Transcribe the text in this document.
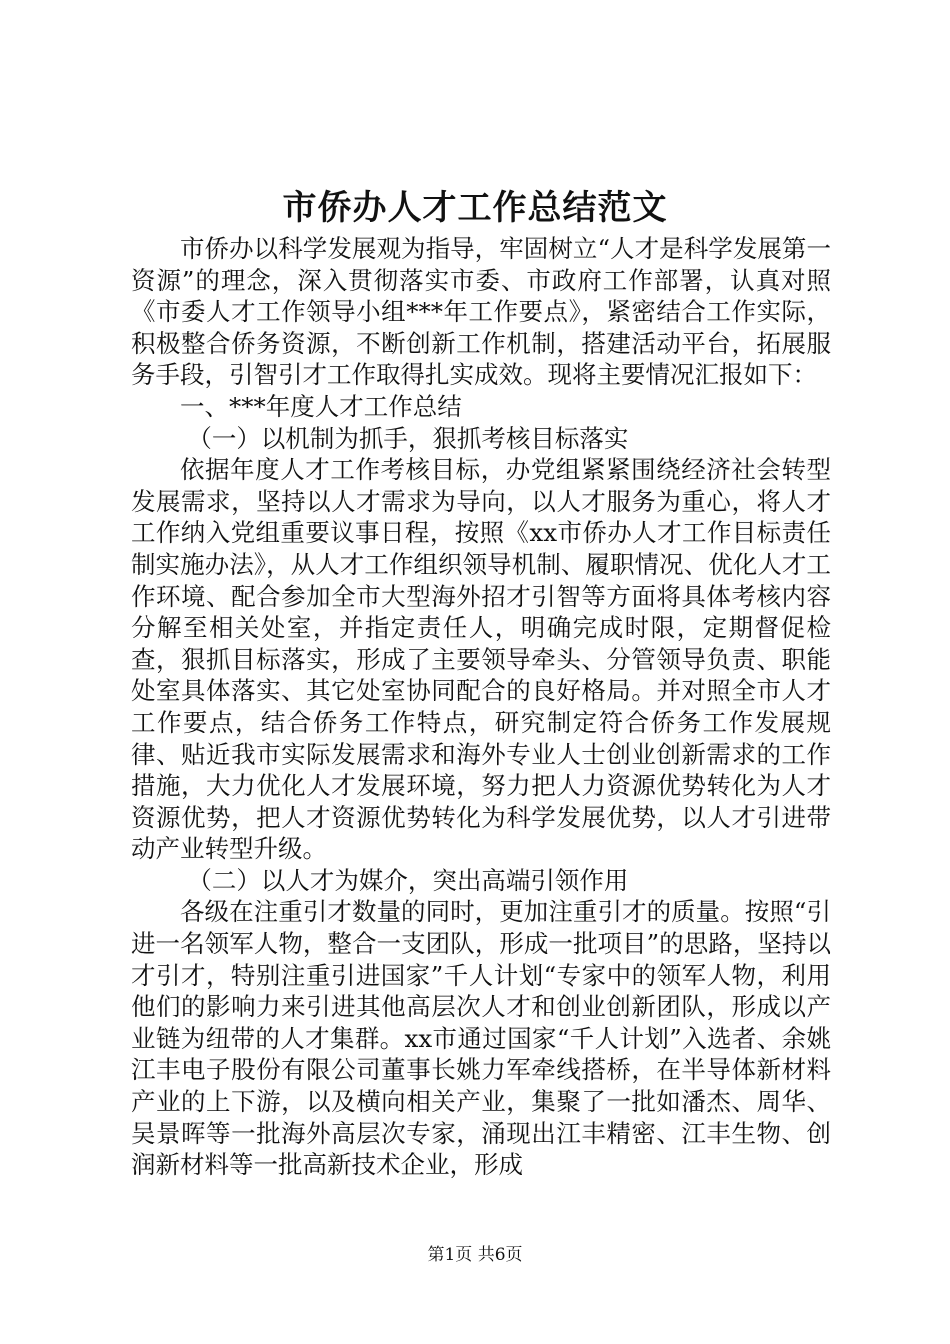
市侨办人才工作总结范文

市侨办以科学发展观为指导，牢固树立“人才是科学发展第一资源”的理念，深入贯彻落实市委、市政府工作部署，认真对照《市委人才工作领导小组***年工作要点》，紧密结合工作实际，积极整合侨务资源，不断创新工作机制，搭建活动平台，拓展服务手段，引智引才工作取得扎实成效。现将主要情况汇报如下：

一、***年度人才工作总结

（一）以机制为抓手，狠抓考核目标落实

依据年度人才工作考核目标，办党组紧紧围绕经济社会转型发展需求，坚持以人才需求为导向，以人才服务为重心，将人才工作纳入党组重要议事日程，按照《xx市侨办人才工作目标责任制实施办法》，从人才工作组织领导机制、履职情况、优化人才工作环境、配合参加全市大型海外招才引智等方面将具体考核内容分解至相关处室，并指定责任人，明确完成时限，定期督促检查，狠抓目标落实，形成了主要领导牵头、分管领导负责、职能处室具体落实、其它处室协同配合的良好格局。并对照全市人才工作要点，结合侨务工作特点，研究制定符合侨务工作发展规律、贴近我市实际发展需求和海外专业人士创业创新需求的工作措施，大力优化人才发展环境，努力把人力资源优势转化为人才资源优势，把人才资源优势转化为科学发展优势，以人才引进带动产业转型升级。

（二）以人才为媒介，突出高端引领作用

各级在注重引才数量的同时，更加注重引才的质量。按照“引进一名领军人物，整合一支团队，形成一批项目”的思路，坚持以才引才，特别注重引进国家”千人计划“专家中的领军人物，利用他们的影响力来引进其他高层次人才和创业创新团队，形成以产业链为纽带的人才集群。xx市通过国家“千人计划”入选者、余姚江丰电子股份有限公司董事长姚力军牵线搭桥，在半导体新材料产业的上下游，以及横向相关产业，集聚了一批如潘杰、周华、吴景晖等一批海外高层次专家，涌现出江丰精密、江丰生物、创润新材料等一批高新技术企业，形成

第1页 共6页
